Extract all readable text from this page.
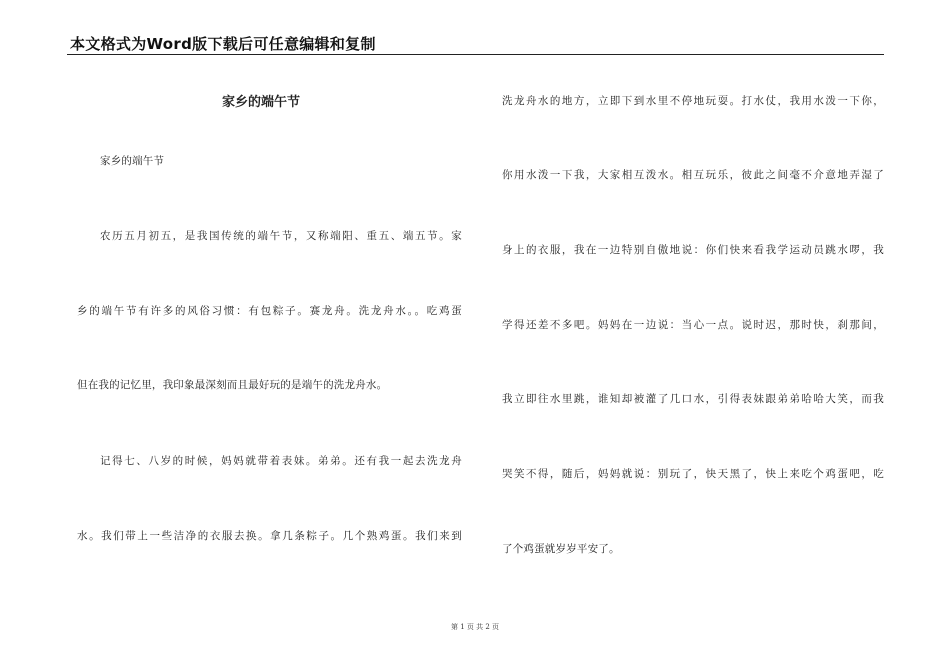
本文格式为Word版下载后可任意编辑和复制
家乡的端午节
家乡的端午节
农历五月初五，是我国传统的端午节，又称端阳、重五、端五节。家
乡的端午节有许多的风俗习惯：有包粽子。赛龙舟。洗龙舟水。。吃鸡蛋
但在我的记忆里，我印象最深刻而且最好玩的是端午的洗龙舟水。
记得七、八岁的时候，妈妈就带着表妹。弟弟。还有我一起去洗龙舟
水。我们带上一些洁净的衣服去换。拿几条粽子。几个熟鸡蛋。我们来到
洗龙舟水的地方，立即下到水里不停地玩耍。打水仗，我用水泼一下你，
你用水泼一下我，大家相互泼水。相互玩乐，彼此之间毫不介意地弄湿了
身上的衣服，我在一边特别自傲地说：你们快来看我学运动员跳水啰，我
学得还差不多吧。妈妈在一边说：当心一点。说时迟，那时快，刹那间，
我立即往水里跳，谁知却被灌了几口水，引得表妹跟弟弟哈哈大笑，而我
哭笑不得，随后，妈妈就说：别玩了，快天黑了，快上来吃个鸡蛋吧，吃
了个鸡蛋就岁岁平安了。
第 1 页 共 2 页
